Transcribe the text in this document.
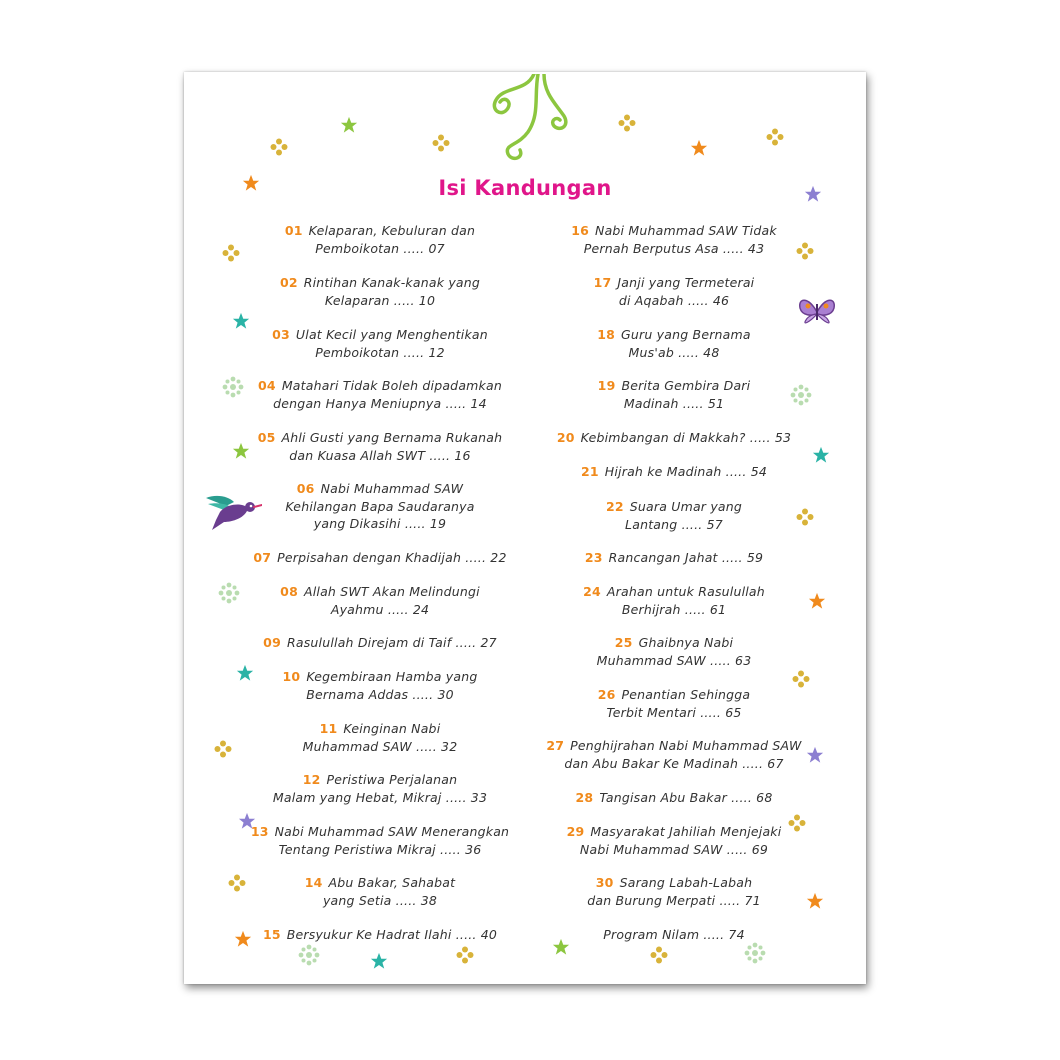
Isi Kandungan
01 Kelaparan, Kebuluran dan
Pemboikotan ..... 07
02 Rintihan Kanak-kanak yang
Kelaparan ..... 10
03 Ulat Kecil yang Menghentikan
Pemboikotan ..... 12
04 Matahari Tidak Boleh dipadamkan
dengan Hanya Meniupnya ..... 14
05 Ahli Gusti yang Bernama Rukanah
dan Kuasa Allah SWT ..... 16
06 Nabi Muhammad SAW
Kehilangan Bapa Saudaranya
yang Dikasihi ..... 19
07 Perpisahan dengan Khadijah ..... 22
08 Allah SWT Akan Melindungi
Ayahmu ..... 24
09 Rasulullah Direjam di Taif ..... 27
10 Kegembiraan Hamba yang
Bernama Addas ..... 30
11 Keinginan Nabi
Muhammad SAW ..... 32
12 Peristiwa Perjalanan
Malam yang Hebat, Mikraj ..... 33
13 Nabi Muhammad SAW Menerangkan
Tentang Peristiwa Mikraj ..... 36
14 Abu Bakar, Sahabat
yang Setia ..... 38
15 Bersyukur Ke Hadrat Ilahi ..... 40
16 Nabi Muhammad SAW Tidak
Pernah Berputus Asa ..... 43
17 Janji yang Termeterai
di Aqabah ..... 46
18 Guru yang Bernama
Mus'ab ..... 48
19 Berita Gembira Dari
Madinah ..... 51
20 Kebimbangan di Makkah? ..... 53
21 Hijrah ke Madinah ..... 54
22 Suara Umar yang
Lantang ..... 57
23 Rancangan Jahat ..... 59
24 Arahan untuk Rasulullah
Berhijrah ..... 61
25 Ghaibnya Nabi
Muhammad SAW ..... 63
26 Penantian Sehingga
Terbit Mentari ..... 65
27 Penghijrahan Nabi Muhammad SAW
dan Abu Bakar Ke Madinah ..... 67
28 Tangisan Abu Bakar ..... 68
29 Masyarakat Jahiliah Menjejaki
Nabi Muhammad SAW ..... 69
30 Sarang Labah-Labah
dan Burung Merpati ..... 71
Program Nilam ..... 74
